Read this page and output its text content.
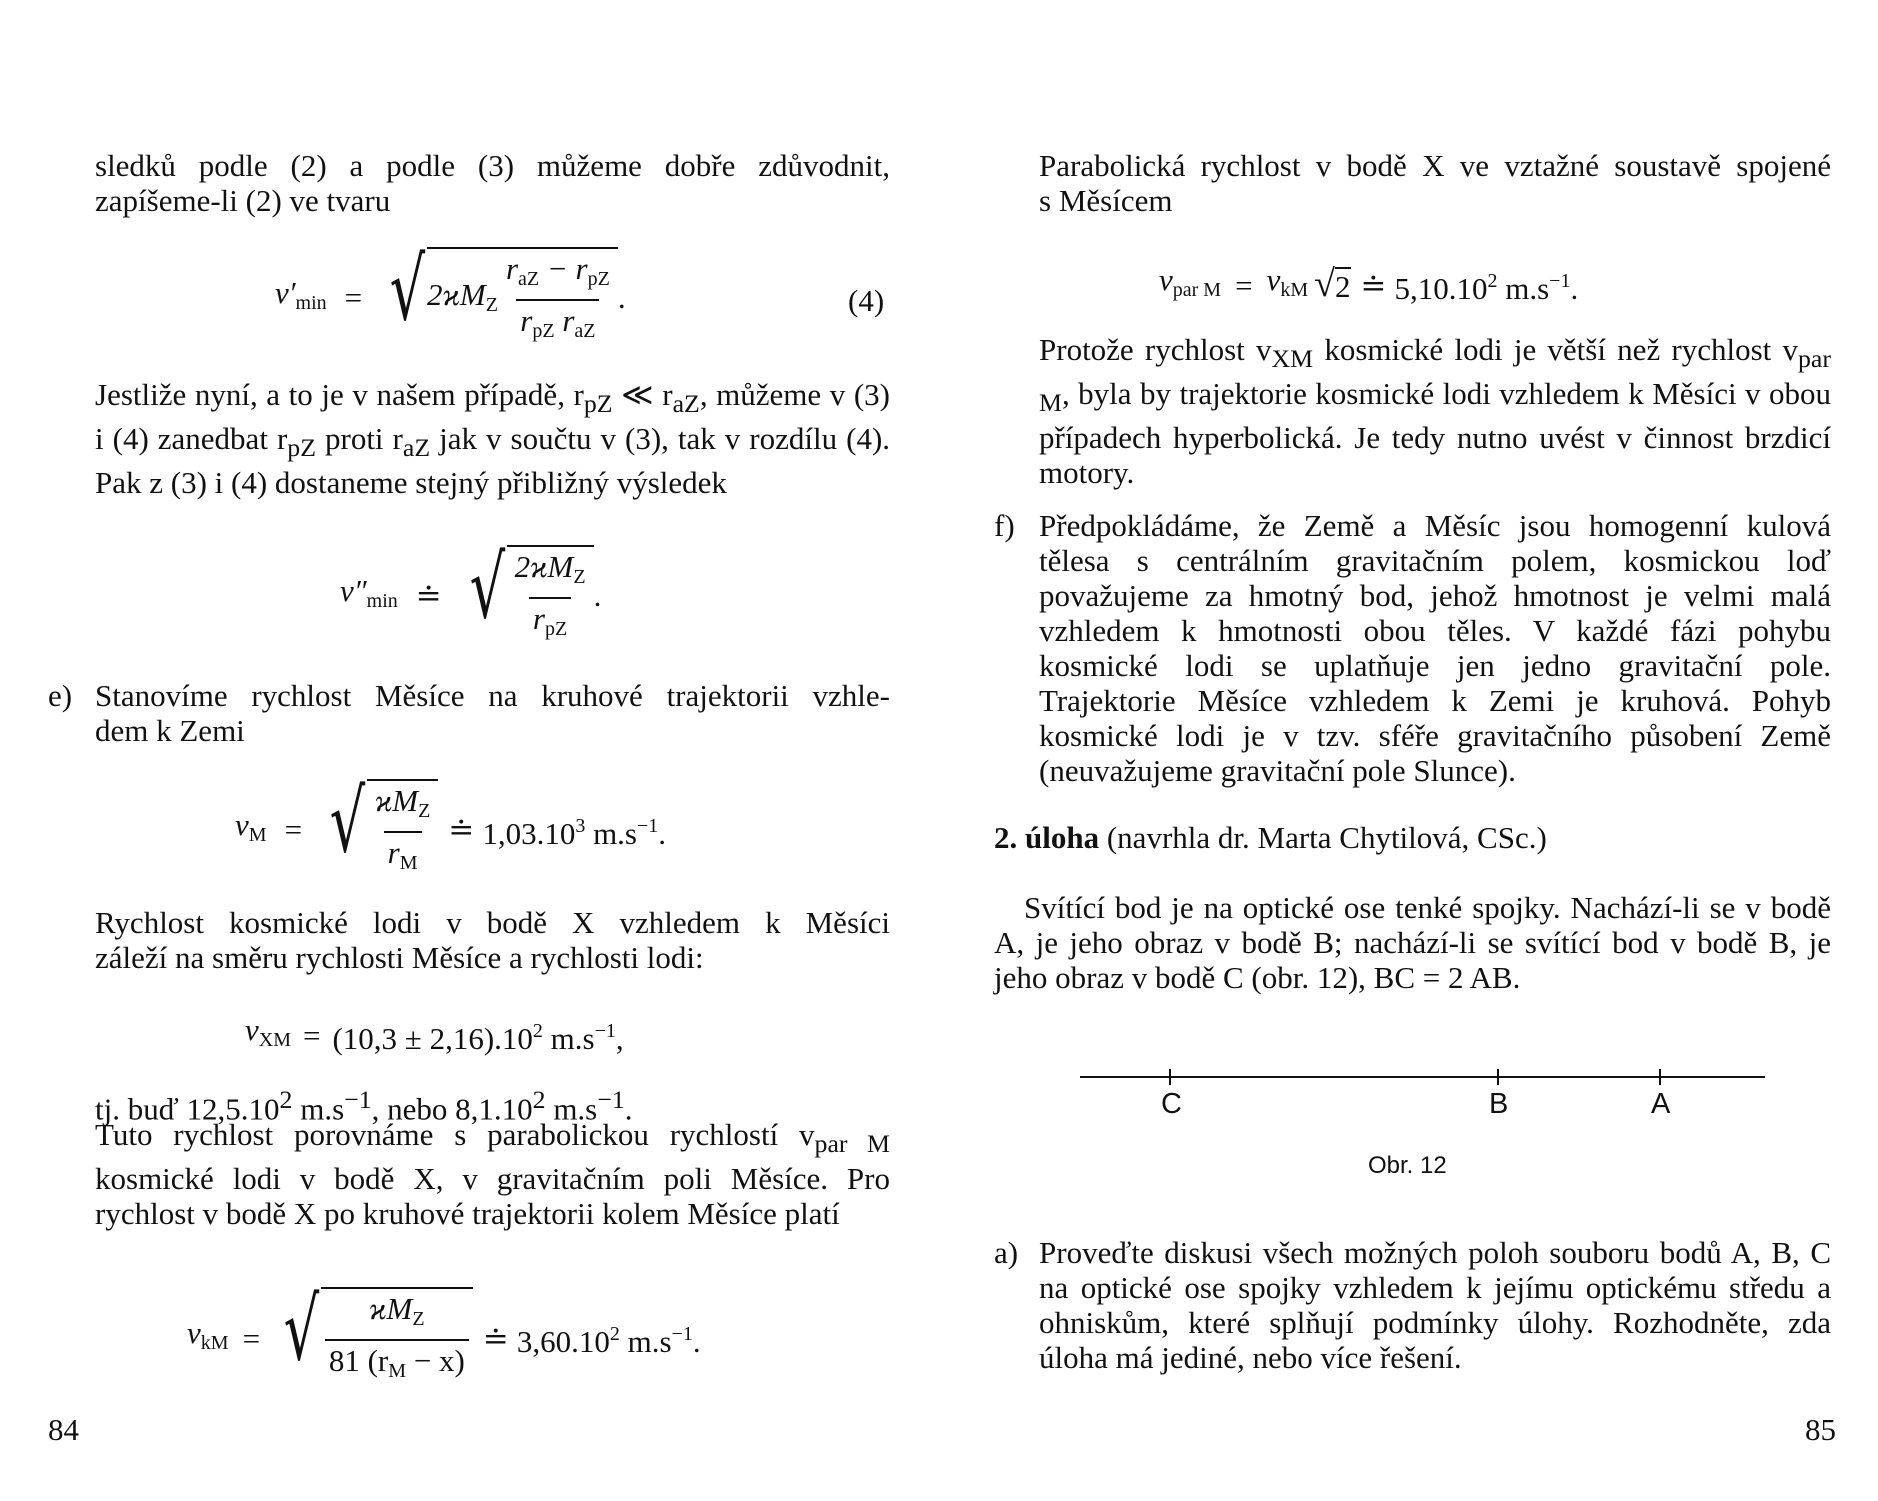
sledků podle (2) a podle (3) můžeme dobře zdůvodnit,
zapíšeme-li (2) ve tvaru
$v'_{min}$ = √ $2ϰM_Z \frac{r_{aZ} - r_{pZ}}{r_{pZ} r_{aZ}}$ .	(4)
Jestliže nyní, a to je v našem případě, $r_{pZ}$ ≪ $r_{aZ}$, můžeme v (3) i (4) zanedbat $r_{pZ}$ proti $r_{aZ}$ jak v součtu v (3), tak v rozdílu (4). Pak z (3) i (4) dostaneme stejný přibližný výsledek
$v''_{min}$ ≐ √ $\frac{2ϰM_Z}{r_{pZ}}$ .
e) Stanovíme rychlost Měsíce na kruhové trajektorii vzhle-
dem k Zemi
$v_M$ = √ $\frac{ϰM_Z}{r_M}$ ≐ 1,03.10$^3$ $m.s^{-1}$.
Rychlost kosmické lodi v bodě X vzhledem k Měsíci
záleží na směru rychlosti Měsíce a rychlosti lodi:
$v_{XM} = (10,3 \pm 2,16).10^2$ $m.s^{-1}$,
tj. buď 12,5.10$^2$ $m.s^{-1}$, nebo 8,1.10$^2$ $m.s^{-1}$.
Tuto rychlost porovnáme s parabolickou rychlostí $v_{par M}$ kosmické lodi v bodě X, v gravitačním poli Měsíce. Pro rychlost v bodě X po kruhové trajektorii kolem Měsíce platí
$v_{kM}$ = √ $\frac{ϰM_Z}{81 (r_M - x)}$ ≐ 3,60.10$^2$ $m.s^{-1}$.
84
Parabolická rychlost v bodě X ve vztažné soustavě spojené
s Měsícem
$v_{par M} = v_{kM}$ √ 2 ≐ 5,10.10$^2$ $m.s^{-1}$.
Protože rychlost $v_{XM}$ kosmické lodi je větší než rychlost $v_{par M}$, byla by trajektorie kosmické lodi vzhledem k Měsíci v obou případech hyperbolická. Je tedy nutno uvést v činnost brzdicí motory.
f) Předpokládáme, že Země a Měsíc jsou homogenní kulová tělesa s centrálním gravitačním polem, kosmickou loď považujeme za hmotný bod, jehož hmotnost je velmi malá vzhledem k hmotnosti obou těles. V každé fázi pohybu kosmické lodi se uplatňuje jen jedno gravitační pole. Trajektorie Měsíce vzhledem k Zemi je kruhová. Pohyb kosmické lodi je v tzv. sféře gravitačního působení Země (neuvažujeme gravitační pole Slunce).
2. úloha (navrhla dr. Marta Chytilová, CSc.)
Svítící bod je na optické ose tenké spojky. Nachází-li se v bodě A, je jeho obraz v bodě B; nachází-li se svítící bod v bodě B, je jeho obraz v bodě C (obr. 12), BC = 2 AB.
a) Proveďte diskusi všech možných poloh souboru bodů A, B, C na optické ose spojky vzhledem k jejímu optickému středu a ohniskům, které splňují podmínky úlohy. Rozhodněte, zda úloha má jediné, nebo více řešení.
85
C	B	A
Obr. 12
